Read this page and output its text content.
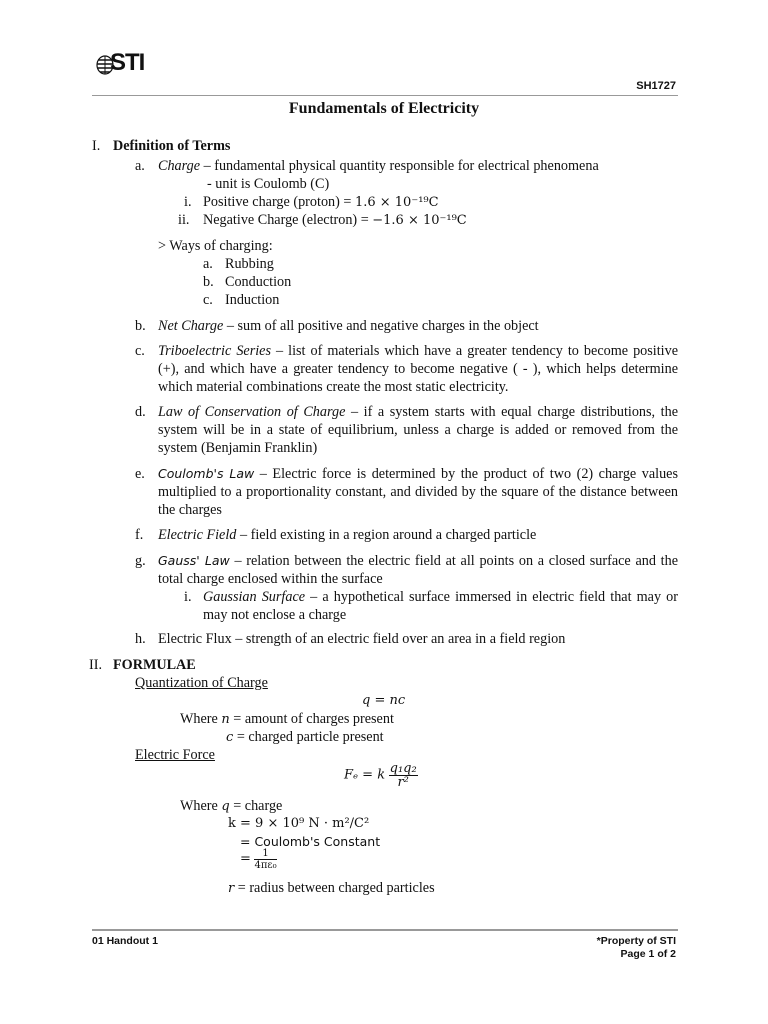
STI
SH1727
Fundamentals of Electricity
I. Definition of Terms
a. Charge – fundamental physical quantity responsible for electrical phenomena
- unit is Coulomb (C)
i. Positive charge (proton) = 1.6 × 10⁻¹⁹C
ii. Negative Charge (electron) = −1.6 × 10⁻¹⁹C
> Ways of charging:
a. Rubbing
b. Conduction
c. Induction
b. Net Charge – sum of all positive and negative charges in the object
c. Triboelectric Series – list of materials which have a greater tendency to become positive (+), and which have a greater tendency to become negative ( - ), which helps determine which material combinations create the most static electricity.
d. Law of Conservation of Charge – if a system starts with equal charge distributions, the system will be in a state of equilibrium, unless a charge is added or removed from the system (Benjamin Franklin)
e. Coulomb's Law – Electric force is determined by the product of two (2) charge values multiplied to a proportionality constant, and divided by the square of the distance between the charges
f. Electric Field – field existing in a region around a charged particle
g. Gauss' Law – relation between the electric field at all points on a closed surface and the total charge enclosed within the surface
i. Gaussian Surface – a hypothetical surface immersed in electric field that may or may not enclose a charge
h. Electric Flux – strength of an electric field over an area in a field region
II. FORMULAE
Quantization of Charge
q = nc
Where n = amount of charges present
c = charged particle present
Electric Force
Fₑ = k $\frac{\text{q₁q₂}}{\text{r²}}$
Where q = charge
k = 9 × 10⁹ N · m²/C²
= Coulomb's Constant
= $\frac{1}{\text{4πε₀}}$
r = radius between charged particles
01 Handout 1	*Property of STI
Page 1 of 2
